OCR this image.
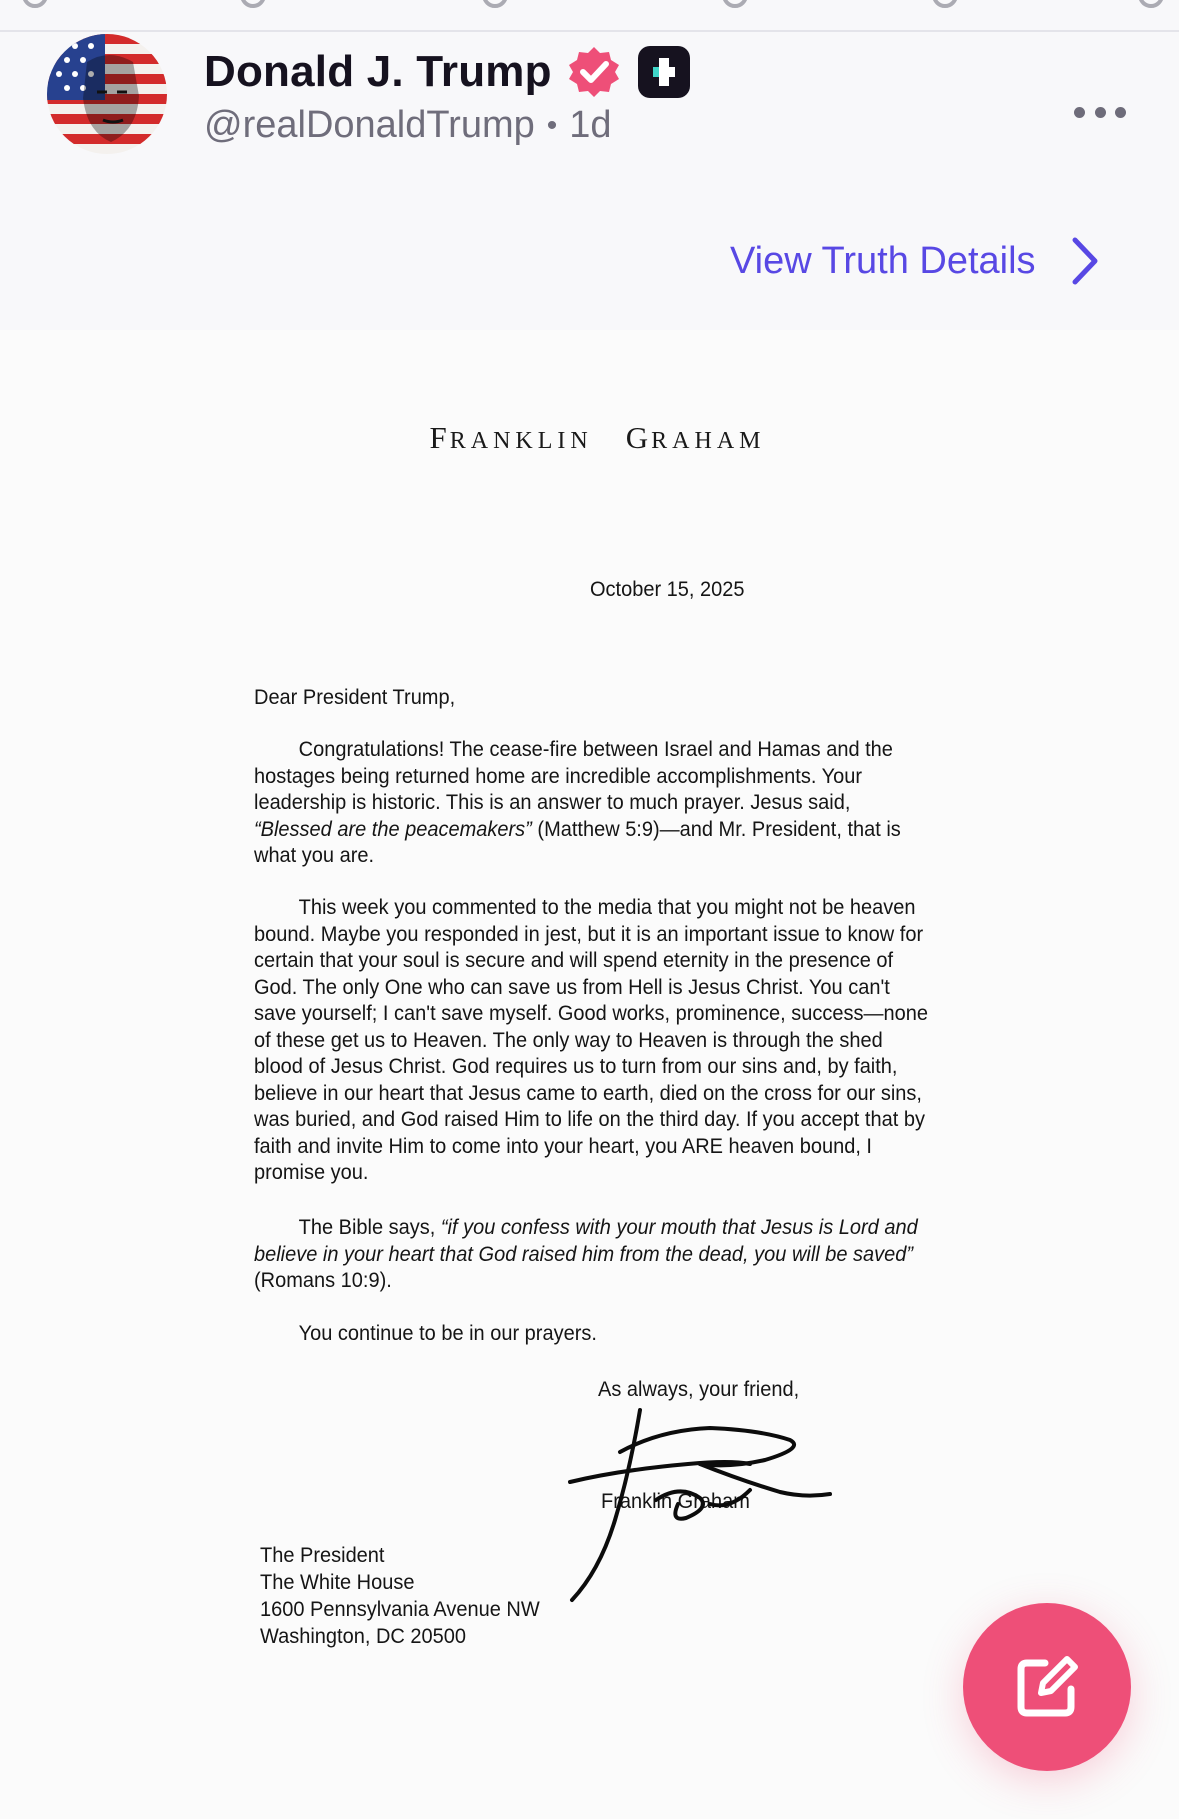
Donald J. Trump
@realDonaldTrump • 1d
View Truth Details
FRANKLIN GRAHAM
October 15, 2025
Dear President Trump,

Congratulations! The cease-fire between Israel and Hamas and the hostages being returned home are incredible accomplishments. Your leadership is historic. This is an answer to much prayer. Jesus said, “Blessed are the peacemakers” (Matthew 5:9)—and Mr. President, that is what you are.

This week you commented to the media that you might not be heaven bound. Maybe you responded in jest, but it is an important issue to know for certain that your soul is secure and will spend eternity in the presence of God. The only One who can save us from Hell is Jesus Christ. You can't save yourself; I can't save myself. Good works, prominence, success—none of these get us to Heaven. The only way to Heaven is through the shed blood of Jesus Christ. God requires us to turn from our sins and, by faith, believe in our heart that Jesus came to earth, died on the cross for our sins, was buried, and God raised Him to life on the third day. If you accept that by faith and invite Him to come into your heart, you ARE heaven bound, I promise you.

The Bible says, “if you confess with your mouth that Jesus is Lord and believe in your heart that God raised him from the dead, you will be saved” (Romans 10:9).

You continue to be in our prayers.

As always, your friend,
Franklin Graham
The President
The White House
1600 Pennsylvania Avenue NW
Washington, DC 20500
